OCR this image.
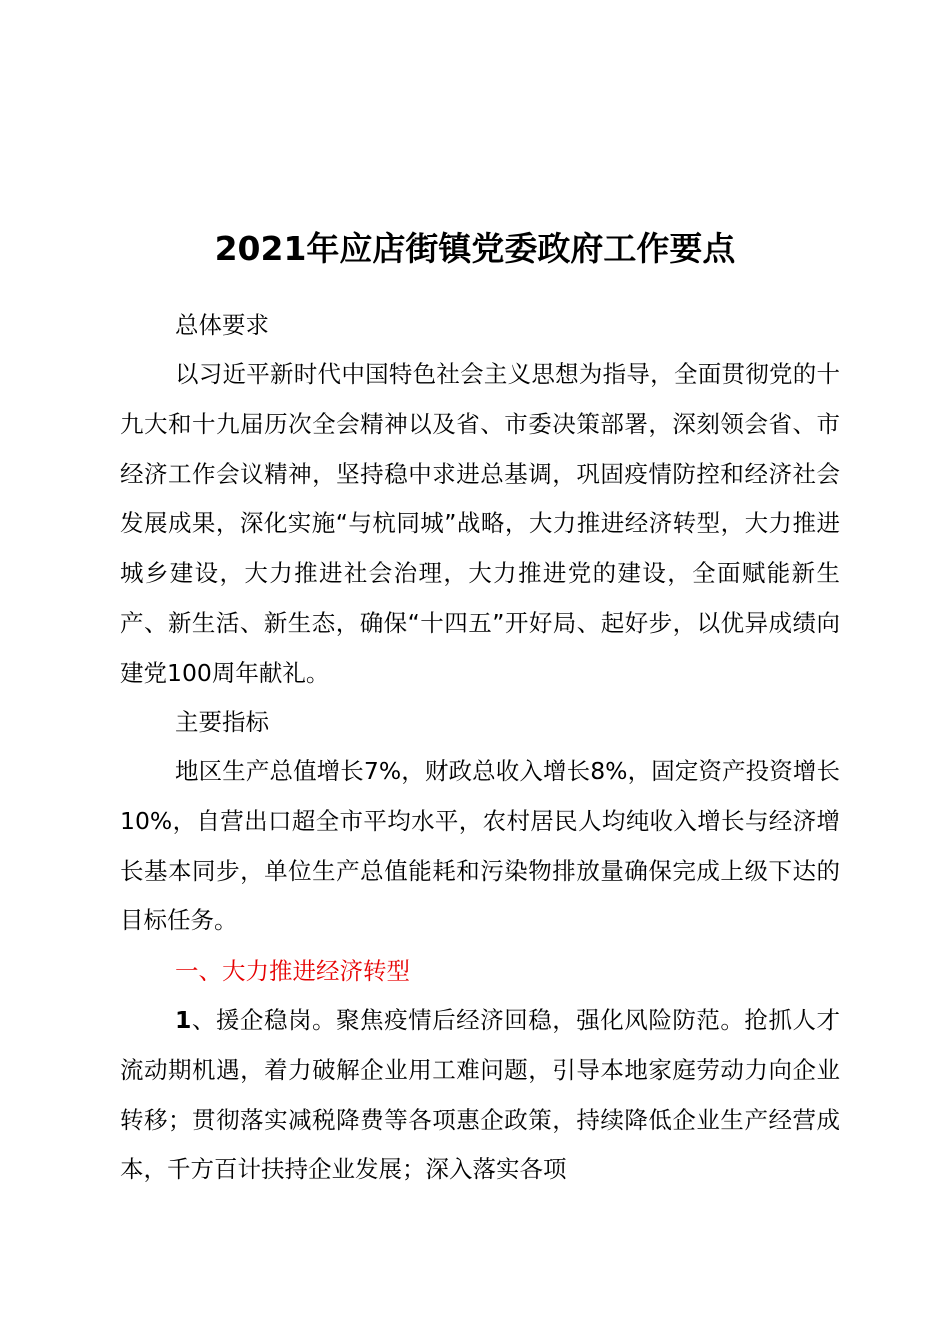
2021年应店街镇党委政府工作要点
总体要求

以习近平新时代中国特色社会主义思想为指导，全面贯彻党的十九大和十九届历次全会精神以及省、市委决策部署，深刻领会省、市经济工作会议精神，坚持稳中求进总基调，巩固疫情防控和经济社会发展成果，深化实施“与杭同城”战略，大力推进经济转型，大力推进城乡建设，大力推进社会治理，大力推进党的建设，全面赋能新生产、新生活、新生态，确保“十四五”开好局、起好步，以优异成绩向建党100周年献礼。

主要指标

地区生产总值增长7%，财政总收入增长8%，固定资产投资增长10%，自营出口超全市平均水平，农村居民人均纯收入增长与经济增长基本同步，单位生产总值能耗和污染物排放量确保完成上级下达的目标任务。

一、大力推进经济转型

1、援企稳岗。聚焦疫情后经济回稳，强化风险防范。抢抓人才流动期机遇，着力破解企业用工难问题，引导本地家庭劳动力向企业转移；贯彻落实减税降费等各项惠企政策，持续降低企业生产经营成本，千方百计扶持企业发展；深入落实各项
